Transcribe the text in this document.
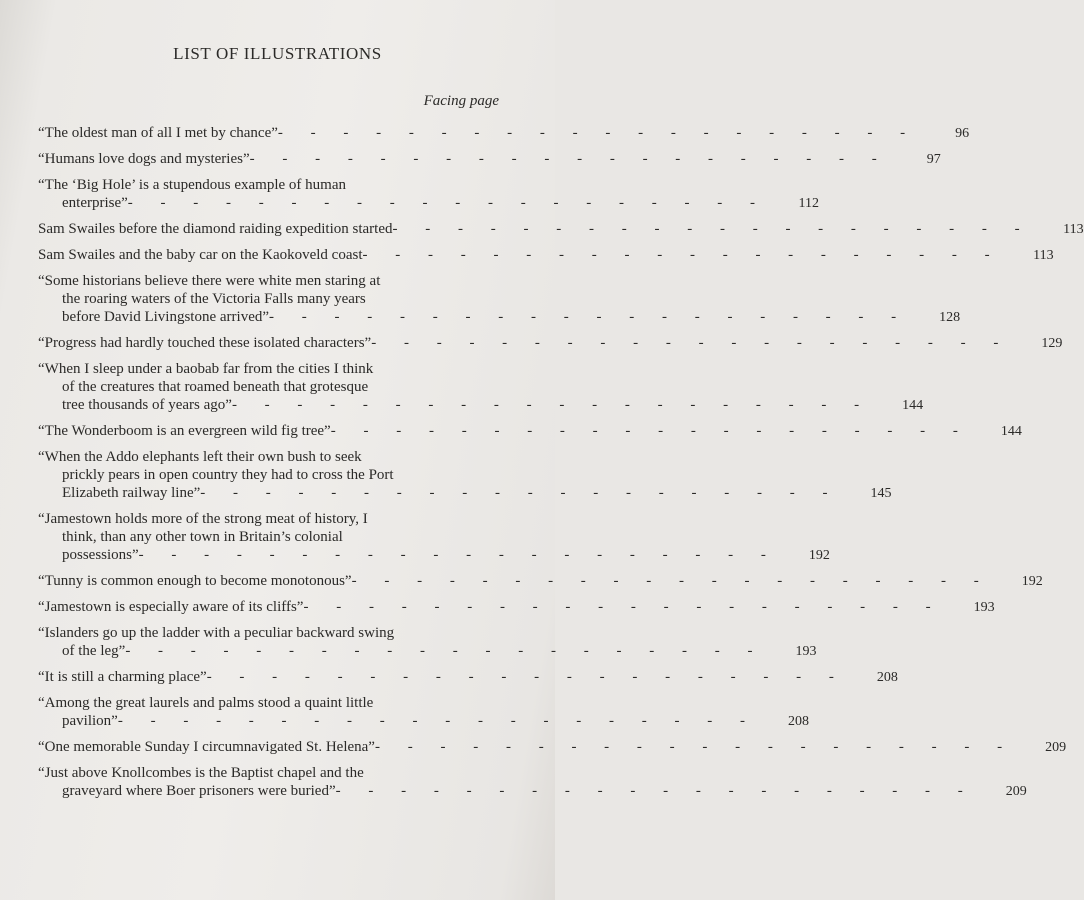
LIST OF ILLUSTRATIONS
Facing page
“The oldest man of all I met by chance” - - - - - - - - - - - - - - - - - - - -	96
“Humans love dogs and mysteries” - - - - - - - - - - - - - - - - - - - -	97
“The ‘Big Hole’ is a stupendous example of human
enterprise” - - - - - - - - - - - - - - - - - - - -	112
Sam Swailes before the diamond raiding expedition started - - - - - - - - - - - - - - - - - - - -	113
Sam Swailes and the baby car on the Kaokoveld coast - - - - - - - - - - - - - - - - - - - -	113
“Some historians believe there were white men staring at
the roaring waters of the Victoria Falls many years
before David Livingstone arrived” - - - - - - - - - - - - - - - - - - - -	128
“Progress had hardly touched these isolated characters” - - - - - - - - - - - - - - - - - - - -	129
“When I sleep under a baobab far from the cities I think
of the creatures that roamed beneath that grotesque
tree thousands of years ago” - - - - - - - - - - - - - - - - - - - -	144
“The Wonderboom is an evergreen wild fig tree” - - - - - - - - - - - - - - - - - - - -	144
“When the Addo elephants left their own bush to seek
prickly pears in open country they had to cross the Port
Elizabeth railway line” - - - - - - - - - - - - - - - - - - - -	145
“Jamestown holds more of the strong meat of history, I
think, than any other town in Britain’s colonial
possessions” - - - - - - - - - - - - - - - - - - - -	192
“Tunny is common enough to become monotonous” - - - - - - - - - - - - - - - - - - - -	192
“Jamestown is especially aware of its cliffs” - - - - - - - - - - - - - - - - - - - -	193
“Islanders go up the ladder with a peculiar backward swing
of the leg” - - - - - - - - - - - - - - - - - - - -	193
“It is still a charming place” - - - - - - - - - - - - - - - - - - - -	208
“Among the great laurels and palms stood a quaint little
pavilion” - - - - - - - - - - - - - - - - - - - -	208
“One memorable Sunday I circumnavigated St. Helena” - - - - - - - - - - - - - - - - - - - -	209
“Just above Knollcombes is the Baptist chapel and the
graveyard where Boer prisoners were buried” - - - - - - - - - - - - - - - - - - - -	209
